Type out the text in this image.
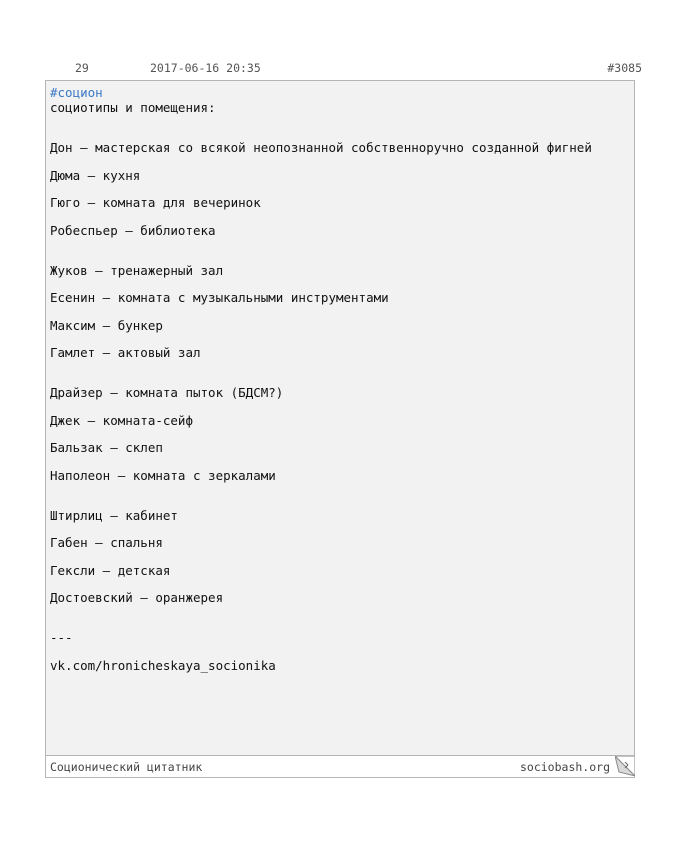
29	2017-06-16 20:35	#3085
#социон
социотипы и помещения:
Дон – мастерская со всякой неопознанной собственноручно созданной фигней
Дюма – кухня
Гюго – комната для вечеринок
Робеспьер – библиотека
Жуков – тренажерный зал
Есенин – комната с музыкальными инструментами
Максим – бункер
Гамлет – актовый зал
Драйзер – комната пыток (БДСМ?)
Джек – комната-сейф
Бальзак – склеп
Наполеон – комната с зеркалами
Штирлиц – кабинет
Габен – спальня
Гексли – детская
Достоевский – оранжерея
---
vk.com/hronicheskaya_socionika
Соционический цитатник	sociobash.org
